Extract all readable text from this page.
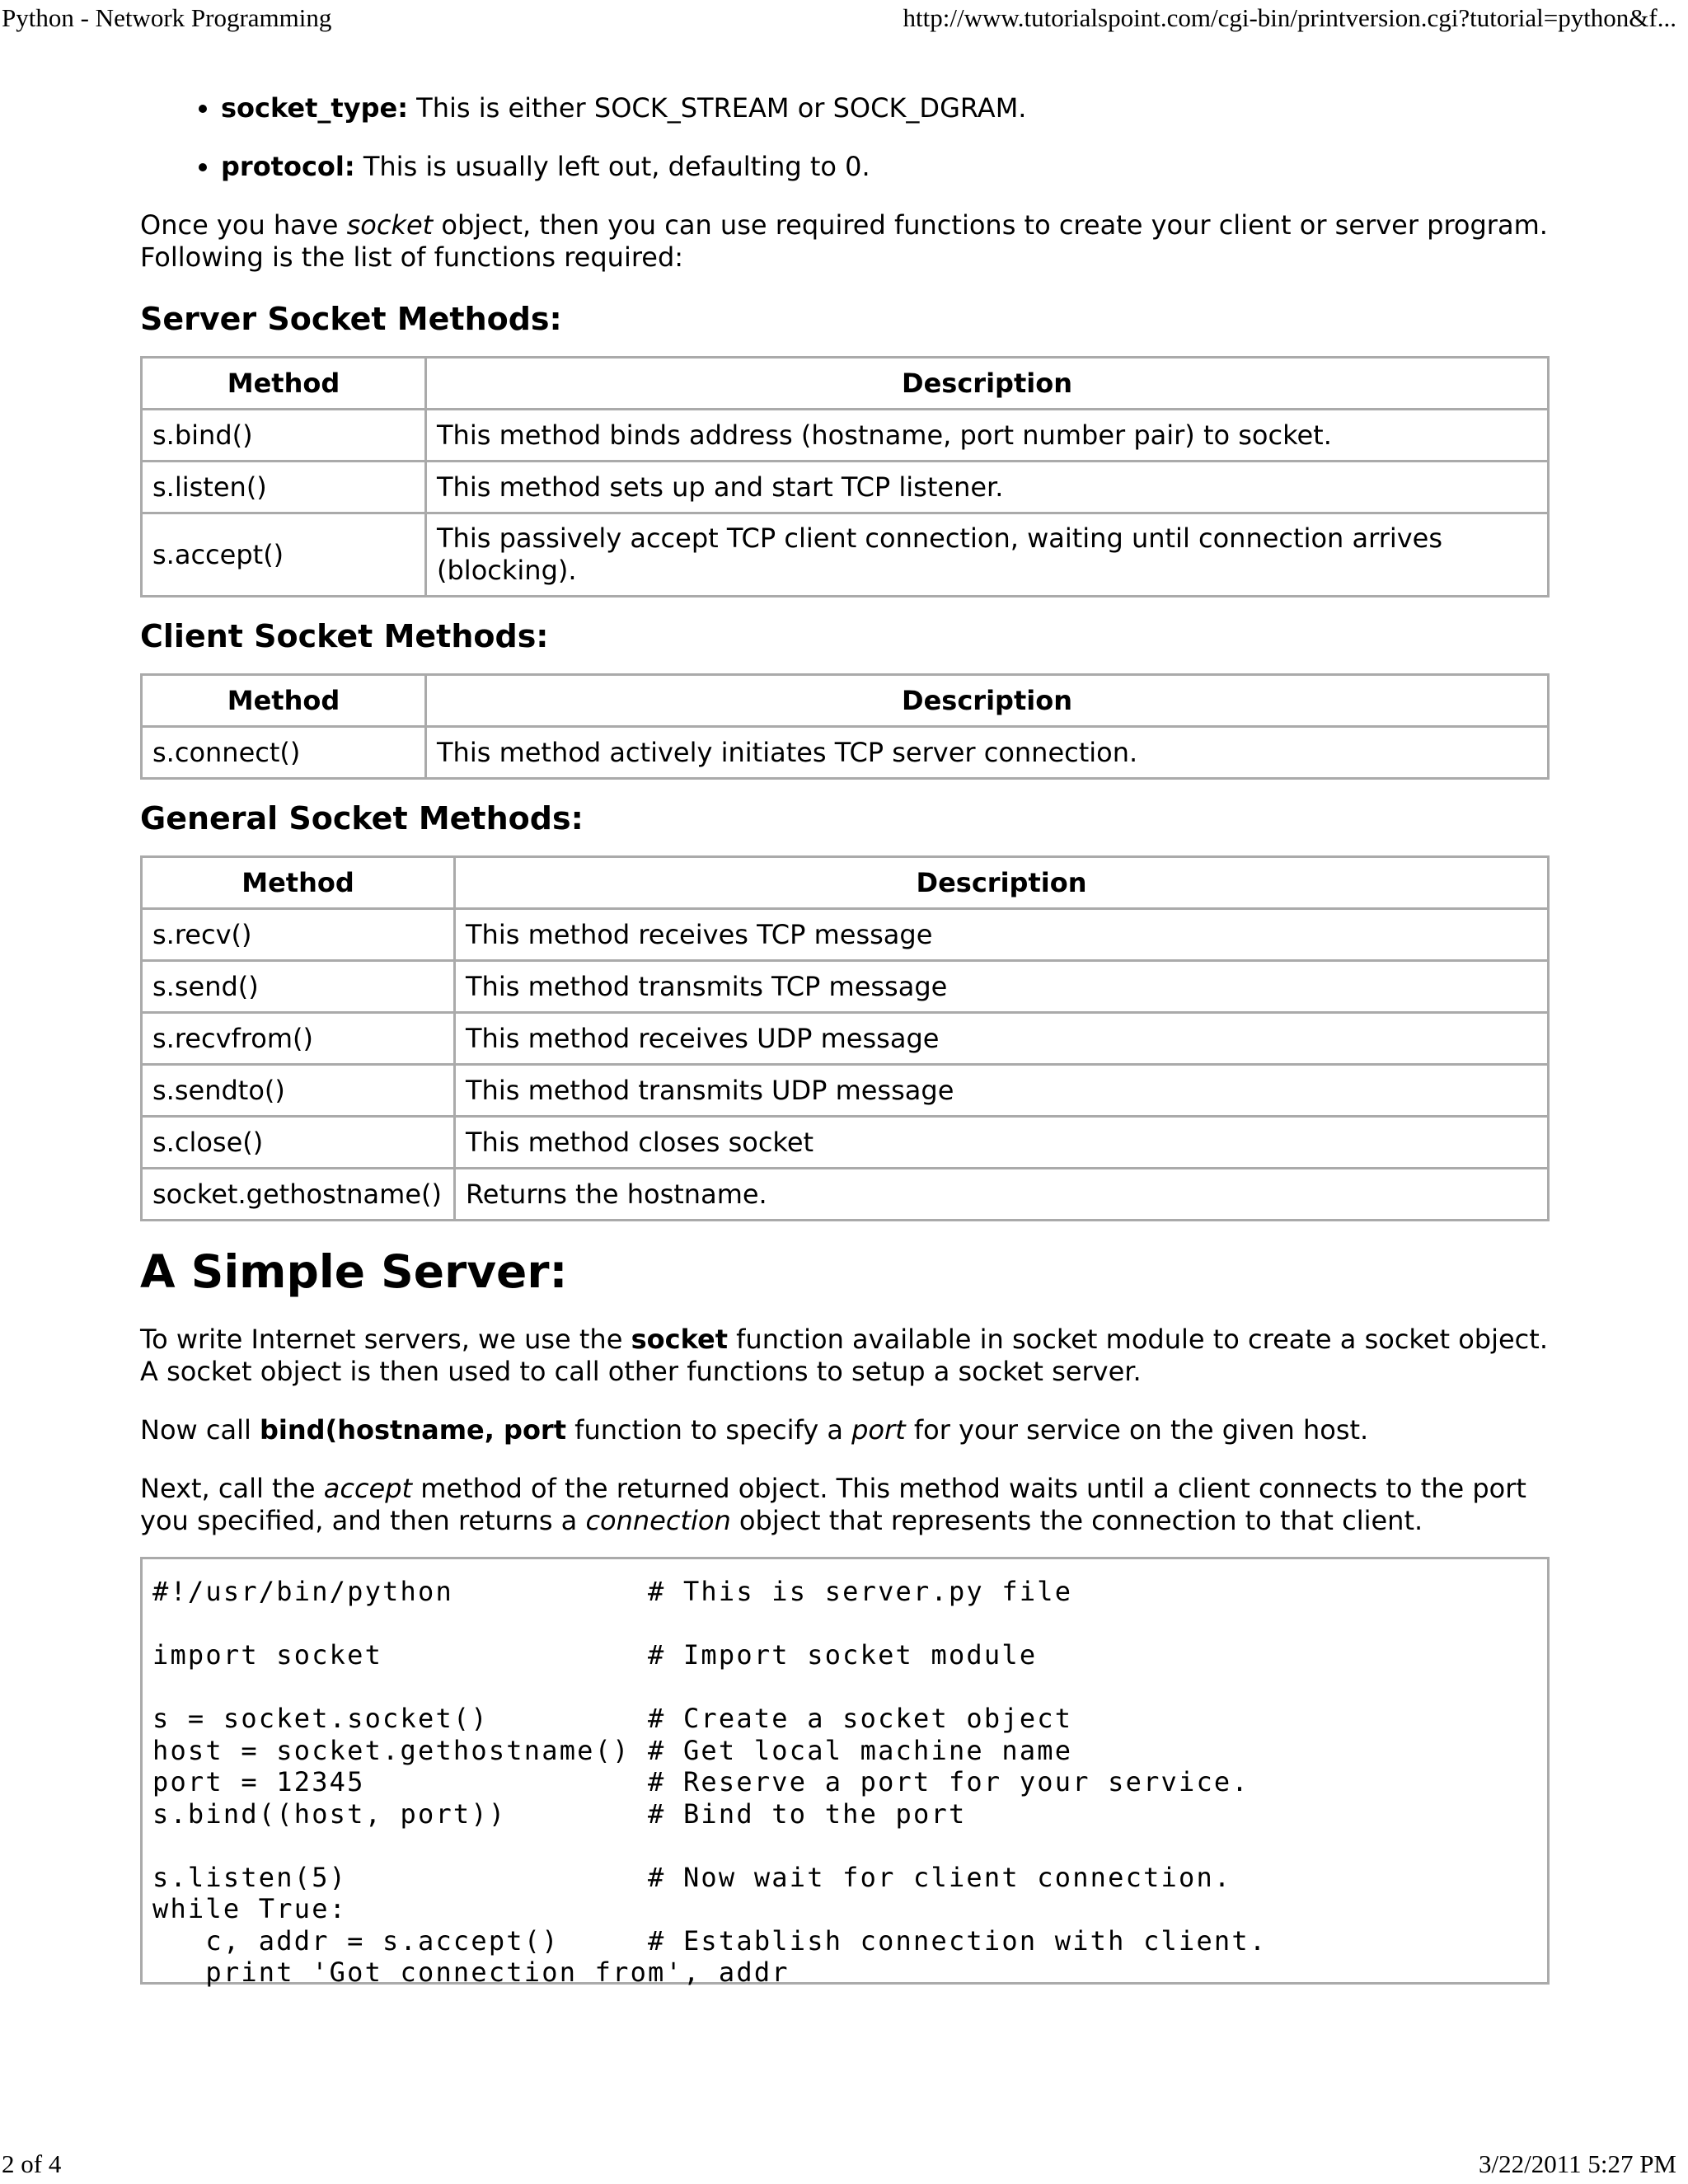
Python - Network Programming	http://www.tutorialspoint.com/cgi-bin/printversion.cgi?tutorial=python&f...
• socket_type: This is either SOCK_STREAM or SOCK_DGRAM.
• protocol: This is usually left out, defaulting to 0.

Once you have socket object, then you can use required functions to create your client or server program. Following is the list of functions required:

Server Socket Methods:
Method	Description
s.bind()	This method binds address (hostname, port number pair) to socket.
s.listen()	This method sets up and start TCP listener.
s.accept()	This passively accept TCP client connection, waiting until connection arrives (blocking).
Client Socket Methods:
Method	Description
s.connect()	This method actively initiates TCP server connection.
General Socket Methods:
Method	Description
s.recv()	This method receives TCP message
s.send()	This method transmits TCP message
s.recvfrom()	This method receives UDP message
s.sendto()	This method transmits UDP message
s.close()	This method closes socket
socket.gethostname()	Returns the hostname.
A Simple Server:

To write Internet servers, we use the socket function available in socket module to create a socket object. A socket object is then used to call other functions to setup a socket server.

Now call bind(hostname, port function to specify a port for your service on the given host.

Next, call the accept method of the returned object. This method waits until a client connects to the port you specified, and then returns a connection object that represents the connection to that client.

#!/usr/bin/python           # This is server.py file

import socket               # Import socket module

s = socket.socket()         # Create a socket object
host = socket.gethostname() # Get local machine name
port = 12345                # Reserve a port for your service.
s.bind((host, port))        # Bind to the port

s.listen(5)                 # Now wait for client connection.
while True:
c, addr = s.accept()     # Establish connection with client.
print 'Got connection from', addr
2 of 4	3/22/2011 5:27 PM
